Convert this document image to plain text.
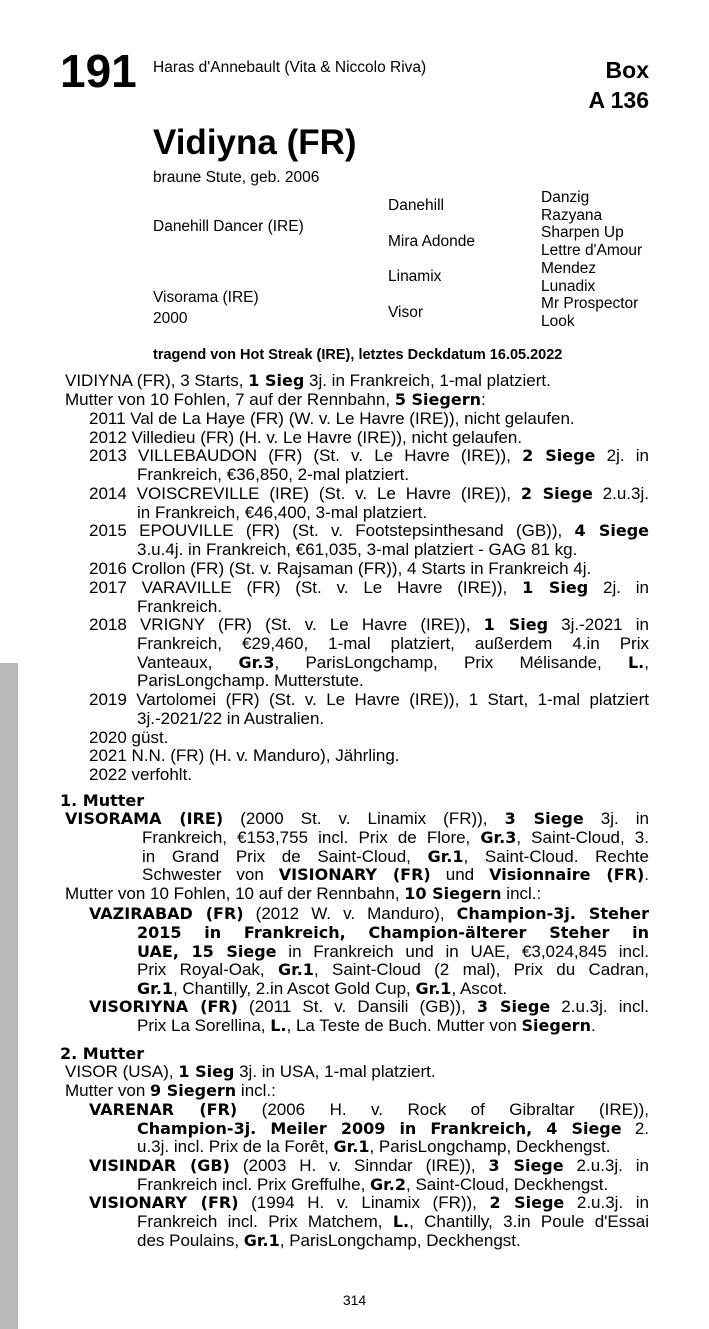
191 Haras d'Annebault (Vita & Niccolo Riva)	Box
A 136
Vidiyna (FR)
braune Stute, geb. 2006
Danehill Dancer (IRE)
Visorama (IRE)
2000
Danehill
Mira Adonde
Linamix
Visor
Danzig
Razyana
Sharpen Up
Lettre d'Amour
Mendez
Lunadix
Mr Prospector
Look
tragend von Hot Streak (IRE), letztes Deckdatum 16.05.2022
VIDIYNA (FR), 3 Starts, 1 Sieg 3j. in Frankreich, 1-mal platziert.
Mutter von 10 Fohlen, 7 auf der Rennbahn, 5 Siegern:
2011 Val de La Haye (FR) (W. v. Le Havre (IRE)), nicht gelaufen.
2012 Villedieu (FR) (H. v. Le Havre (IRE)), nicht gelaufen.
2013 VILLEBAUDON (FR) (St. v. Le Havre (IRE)), 2 Siege 2j. in
Frankreich, €36,850, 2-mal platziert.
2014 VOISCREVILLE (IRE) (St. v. Le Havre (IRE)), 2 Siege 2.u.3j.
in Frankreich, €46,400, 3-mal platziert.
2015 EPOUVILLE (FR) (St. v. Footstepsinthesand (GB)), 4 Siege
3.u.4j. in Frankreich, €61,035, 3-mal platziert - GAG 81 kg.
2016 Crollon (FR) (St. v. Rajsaman (FR)), 4 Starts in Frankreich 4j.
2017 VARAVILLE (FR) (St. v. Le Havre (IRE)), 1 Sieg 2j. in
Frankreich.
2018 VRIGNY (FR) (St. v. Le Havre (IRE)), 1 Sieg 3j.-2021 in
Frankreich, €29,460, 1-mal platziert, außerdem 4.in Prix
Vanteaux, Gr.3, ParisLongchamp, Prix Mélisande, L.,
ParisLongchamp. Mutterstute.
2019 Vartolomei (FR) (St. v. Le Havre (IRE)), 1 Start, 1-mal platziert
3j.-2021/22 in Australien.
2020 güst.
2021 N.N. (FR) (H. v. Manduro), Jährling.
2022 verfohlt.
1. Mutter
VISORAMA (IRE) (2000 St. v. Linamix (FR)), 3 Siege 3j. in
Frankreich, €153,755 incl. Prix de Flore, Gr.3, Saint-Cloud, 3.
in Grand Prix de Saint-Cloud, Gr.1, Saint-Cloud. Rechte
Schwester von VISIONARY (FR) und Visionnaire (FR).
Mutter von 10 Fohlen, 10 auf der Rennbahn, 10 Siegern incl.:
VAZIRABAD (FR) (2012 W. v. Manduro), Champion-3j. Steher
2015 in Frankreich, Champion-älterer Steher in
UAE, 15 Siege in Frankreich und in UAE, €3,024,845 incl.
Prix Royal-Oak, Gr.1, Saint-Cloud (2 mal), Prix du Cadran,
Gr.1, Chantilly, 2.in Ascot Gold Cup, Gr.1, Ascot.
VISORIYNA (FR) (2011 St. v. Dansili (GB)), 3 Siege 2.u.3j. incl.
Prix La Sorellina, L., La Teste de Buch. Mutter von Siegern.
2. Mutter
VISOR (USA), 1 Sieg 3j. in USA, 1-mal platziert.
Mutter von 9 Siegern incl.:
VARENAR (FR) (2006 H. v. Rock of Gibraltar (IRE)),
Champion-3j. Meiler 2009 in Frankreich, 4 Siege 2.
u.3j. incl. Prix de la Forêt, Gr.1, ParisLongchamp, Deckhengst.
VISINDAR (GB) (2003 H. v. Sinndar (IRE)), 3 Siege 2.u.3j. in
Frankreich incl. Prix Greffulhe, Gr.2, Saint-Cloud, Deckhengst.
VISIONARY (FR) (1994 H. v. Linamix (FR)), 2 Siege 2.u.3j. in
Frankreich incl. Prix Matchem, L., Chantilly, 3.in Poule d'Essai
des Poulains, Gr.1, ParisLongchamp, Deckhengst.
314
